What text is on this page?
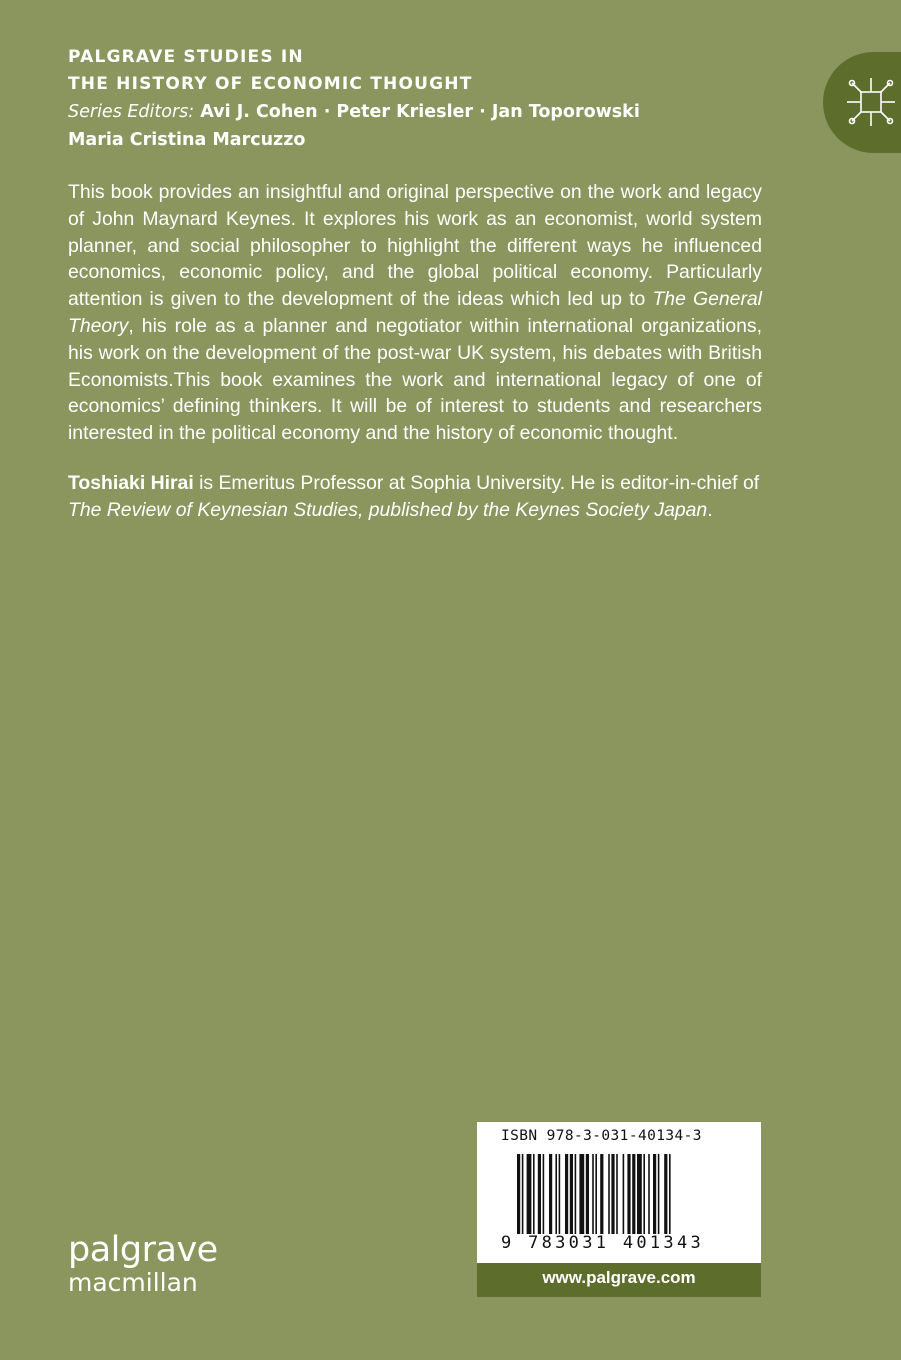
PALGRAVE STUDIES IN
THE HISTORY OF ECONOMIC THOUGHT
Series Editors: Avi J. Cohen · Peter Kriesler · Jan Toporowski
Maria Cristina Marcuzzo

This book provides an insightful and original perspective on the work and legacy of John Maynard Keynes. It explores his work as an economist, world system planner, and social philosopher to highlight the different ways he influenced economics, economic policy, and the global political economy. Particularly attention is given to the development of the ideas which led up to The General Theory, his role as a planner and negotiator within international organizations, his work on the development of the post-war UK system, his debates with British Economists.This book examines the work and international legacy of one of economics’ defining thinkers. It will be of interest to students and researchers interested in the political economy and the history of economic thought.

Toshiaki Hirai is Emeritus Professor at Sophia University. He is editor-in-chief of The Review of Keynesian Studies, published by the Keynes Society Japan.

palgrave
macmillan
ISBN 978-3-031-40134-3
9 783031 401343
www.palgrave.com
